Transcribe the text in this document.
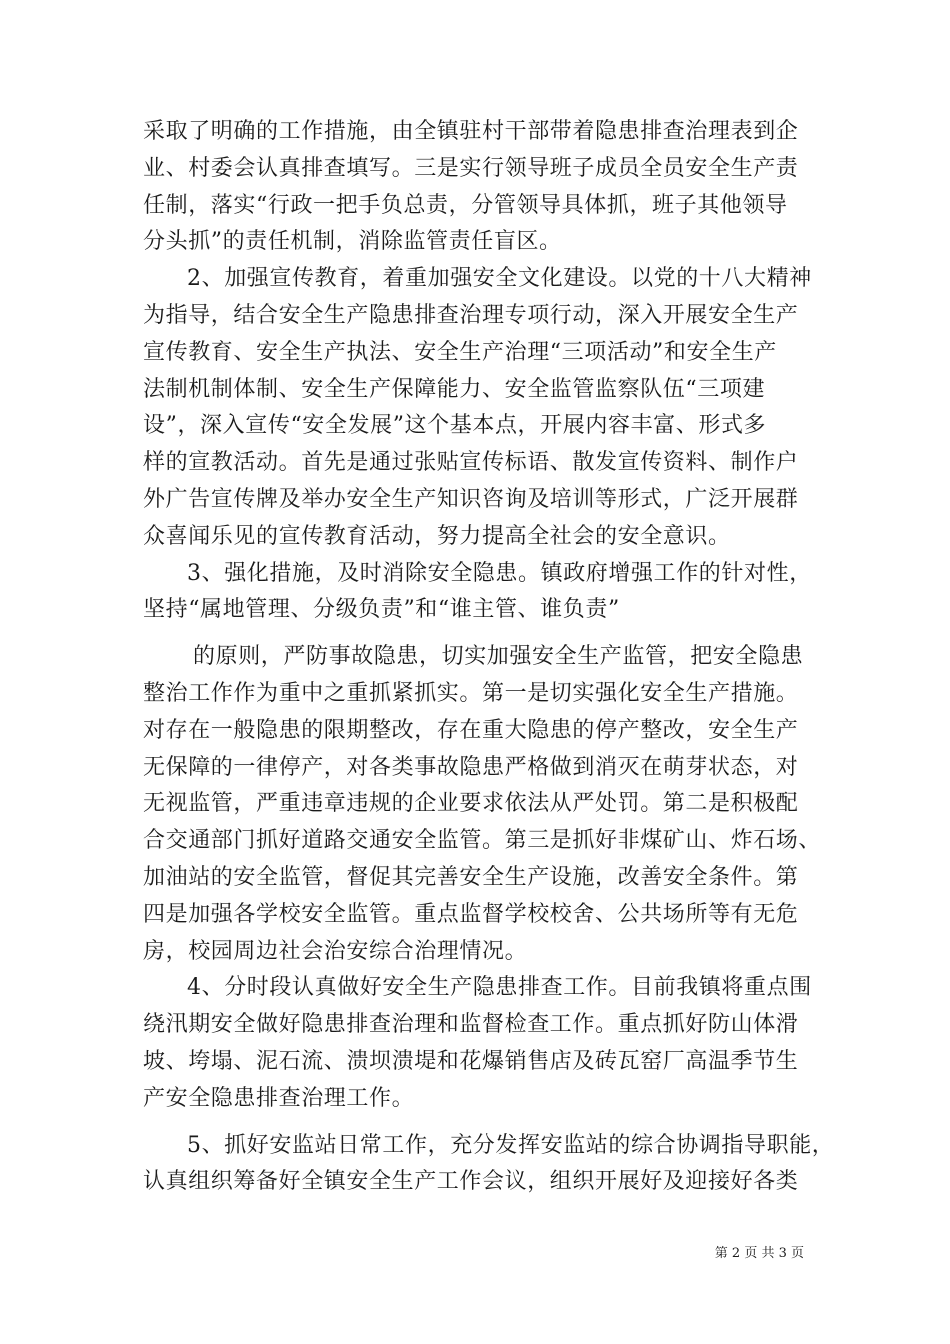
采取了明确的工作措施，由全镇驻村干部带着隐患排查治理表到企
业、村委会认真排查填写。三是实行领导班子成员全员安全生产责
任制，落实“行政一把手负总责，分管领导具体抓，班子其他领导
分头抓”的责任机制，消除监管责任盲区。
2、加强宣传教育，着重加强安全文化建设。以党的十八大精神
为指导，结合安全生产隐患排查治理专项行动，深入开展安全生产
宣传教育、安全生产执法、安全生产治理“三项活动”和安全生产
法制机制体制、安全生产保障能力、安全监管监察队伍“三项建
设”，深入宣传“安全发展”这个基本点，开展内容丰富、形式多
样的宣教活动。首先是通过张贴宣传标语、散发宣传资料、制作户
外广告宣传牌及举办安全生产知识咨询及培训等形式，广泛开展群
众喜闻乐见的宣传教育活动，努力提高全社会的安全意识。
3、强化措施，及时消除安全隐患。镇政府增强工作的针对性，
坚持“属地管理、分级负责”和“谁主管、谁负责”
的原则，严防事故隐患，切实加强安全生产监管，把安全隐患
整治工作作为重中之重抓紧抓实。第一是切实强化安全生产措施。
对存在一般隐患的限期整改，存在重大隐患的停产整改，安全生产
无保障的一律停产，对各类事故隐患严格做到消灭在萌芽状态，对
无视监管，严重违章违规的企业要求依法从严处罚。第二是积极配
合交通部门抓好道路交通安全监管。第三是抓好非煤矿山、炸石场、
加油站的安全监管，督促其完善安全生产设施，改善安全条件。第
四是加强各学校安全监管。重点监督学校校舍、公共场所等有无危
房，校园周边社会治安综合治理情况。
4、分时段认真做好安全生产隐患排查工作。目前我镇将重点围
绕汛期安全做好隐患排查治理和监督检查工作。重点抓好防山体滑
坡、垮塌、泥石流、溃坝溃堤和花爆销售店及砖瓦窑厂高温季节生
产安全隐患排查治理工作。
5、抓好安监站日常工作，充分发挥安监站的综合协调指导职能，
认真组织筹备好全镇安全生产工作会议，组织开展好及迎接好各类
第 2 页 共 3 页
